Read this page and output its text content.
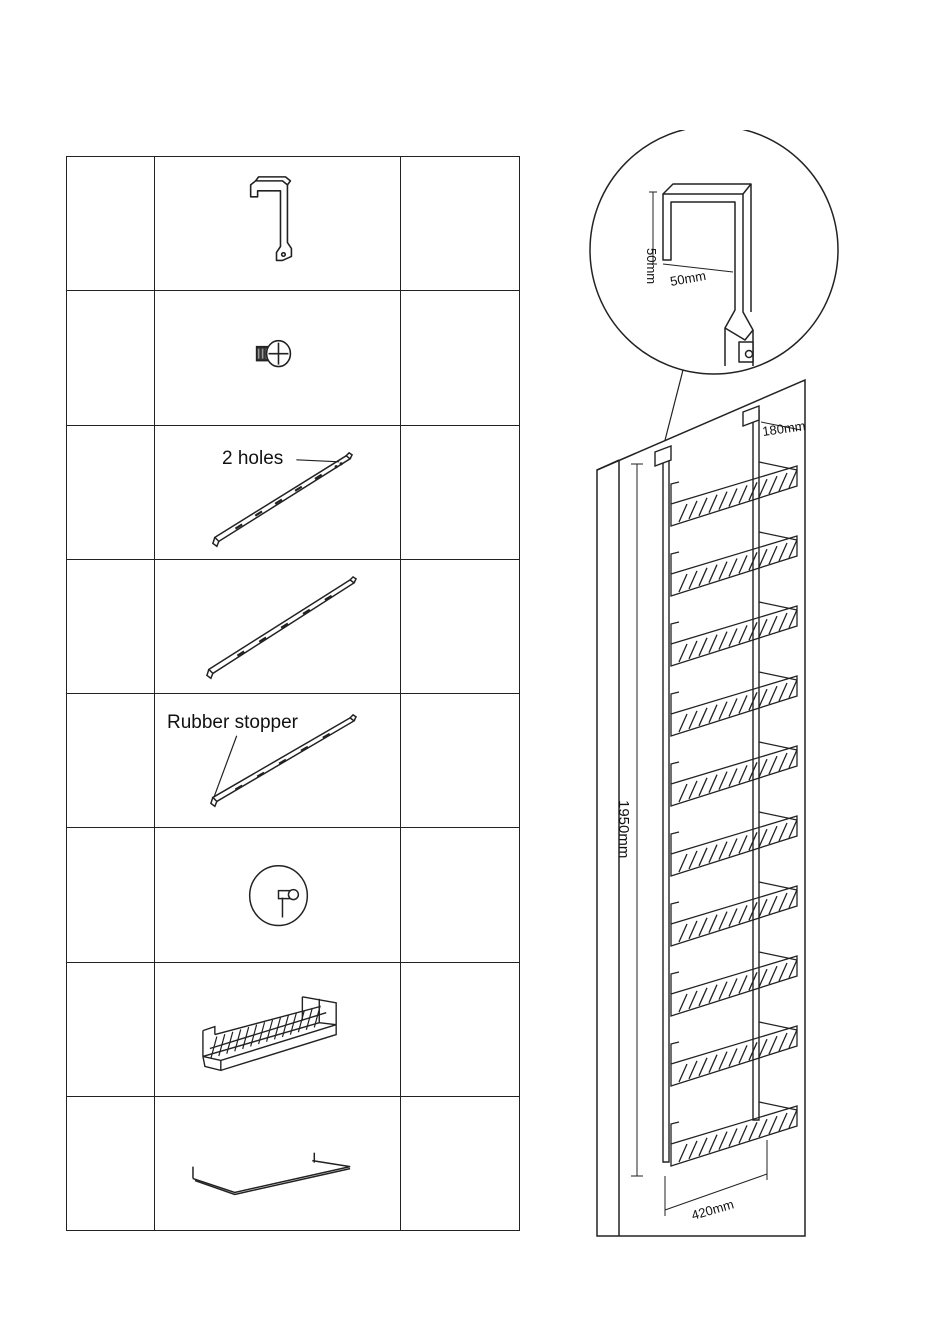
	2 holes	

	Rubber stopper	

50mm 50mm
180mm
1950mm
420mm
